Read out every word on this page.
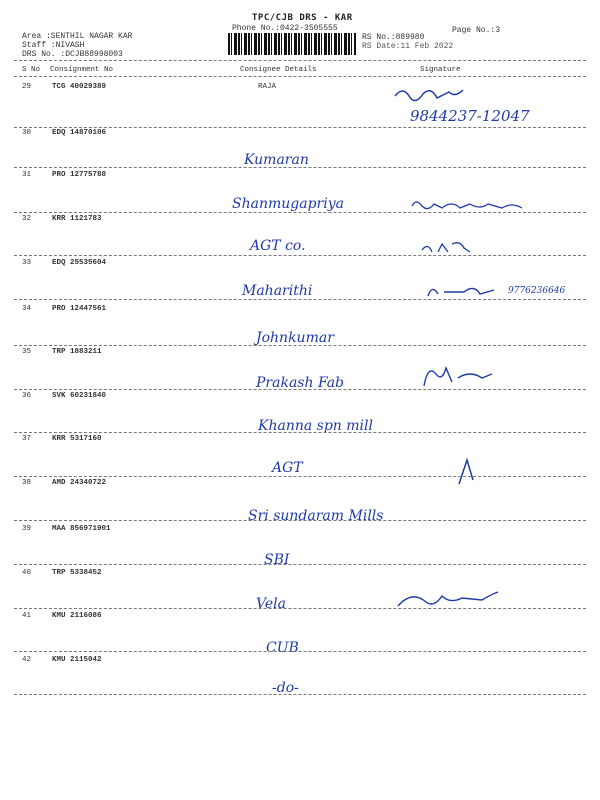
TPC/CJB DRS - KAR
Phone No.:0422-3505555	Page No.:3
Area :SENTHIL NAGAR KAR
Staff :NIVASH
DRS No. :DCJB88998003
RS No.:889980
RS Date:11 Feb 2022
S No Consignment No	Consignee Details	Signature
29	TCG 40029389	RAJA
9844237-12047
30	EDQ 14870106
Kumaran
31	PRO 12775788
Shanmugapriya
32	KRR 1121783
AGT co.
33	EDQ 25535604
Maharithi	9776236646
34	PRO 12447561
Johnkumar
35	TRP 1883211
Prakash Fab
36	SVK 60231840
Khanna spn mill
37	KRR 5317160
AGT
38	AMD 24340722
Sri sundaram Mills
39	MAA 856971901
SBI
40	TRP 5338452
Vela
41	KMU 2116086
CUB
42	KMU 2115042
-do-
